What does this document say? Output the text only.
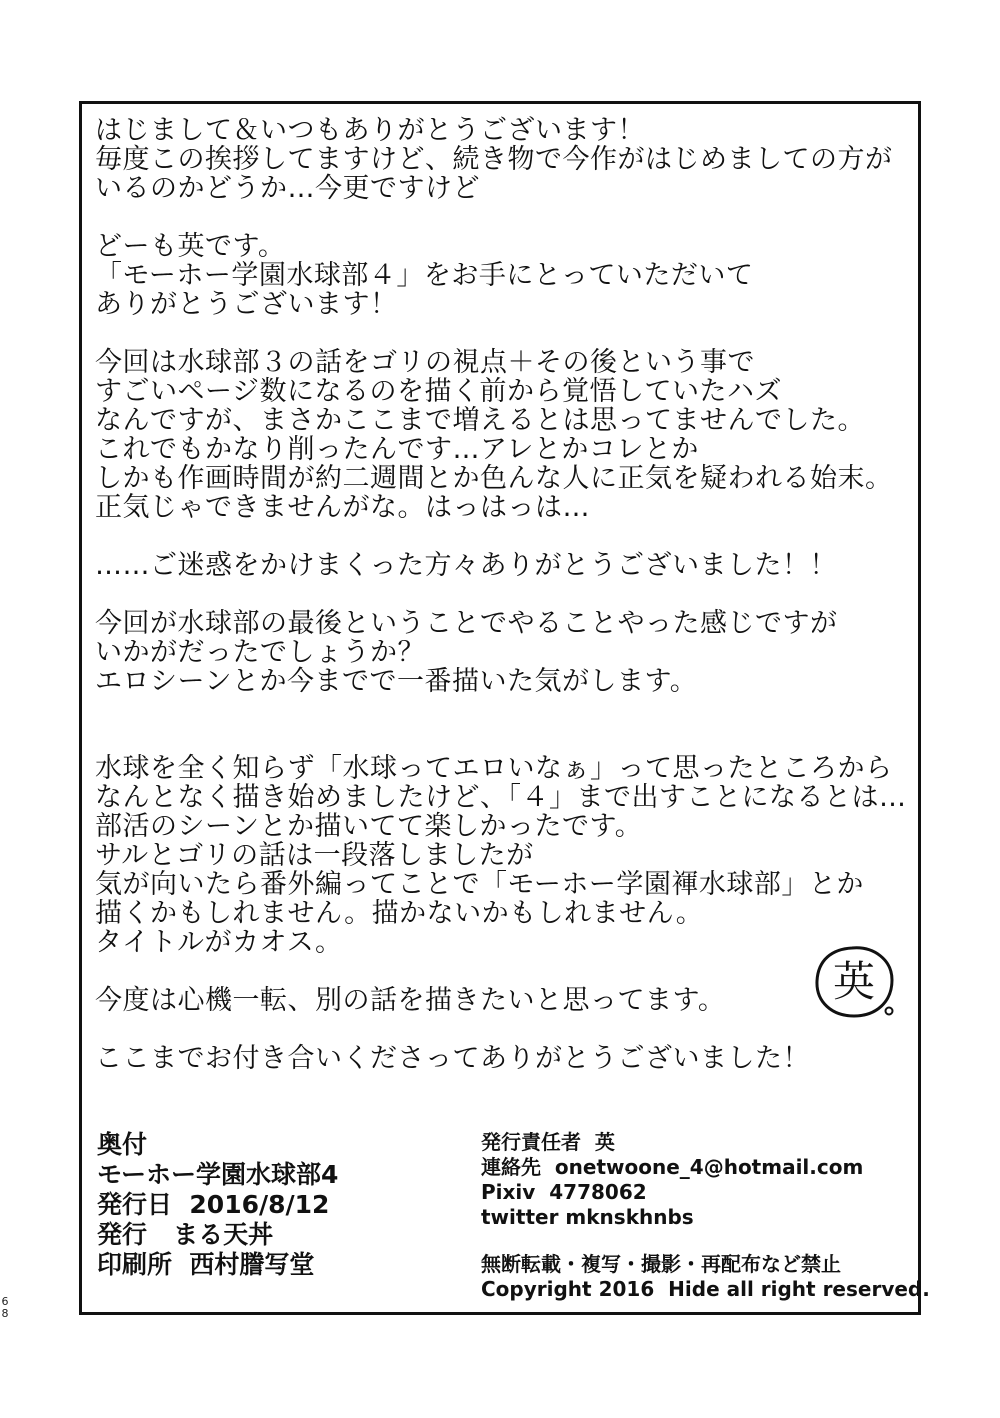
はじまして＆いつもありがとうございます！

毎度この挨拶してますけど、続き物で今作がはじめましての方が

いるのかどうか…今更ですけど

どーも英です。

「モーホー学園水球部４」をお手にとっていただいて

ありがとうございます！

今回は水球部３の話をゴリの視点＋その後という事で

すごいページ数になるのを描く前から覚悟していたハズ

なんですが、まさかここまで増えるとは思ってませんでした。

これでもかなり削ったんです…アレとかコレとか

しかも作画時間が約二週間とか色んな人に正気を疑われる始末。

正気じゃできませんがな。はっはっは…

……ご迷惑をかけまくった方々ありがとうございました！！

今回が水球部の最後ということでやることやった感じですが

いかがだったでしょうか？

エロシーンとか今までで一番描いた気がします。

水球を全く知らず「水球ってエロいなぁ」って思ったところから

なんとなく描き始めましたけど、「４」まで出すことになるとは…

部活のシーンとか描いてて楽しかったです。

サルとゴリの話は一段落しましたが

気が向いたら番外編ってことで「モーホー学園褌水球部」とか

描くかもしれません。描かないかもしれません。

タイトルがカオス。

今度は心機一転、別の話を描きたいと思ってます。

ここまでお付き合いくださってありがとうございました！

英
奥付
モーホー学園水球部4
発行日  2016/8/12
発行   まる天丼
印刷所  西村謄写堂
発行責任者  英
連絡先  onetwoone_4@hotmail.com
Pixiv  4778062
twitter mknskhnbs
無断転載・複写・撮影・再配布など禁止
Copyright 2016  Hide all right reserved.
6
8
